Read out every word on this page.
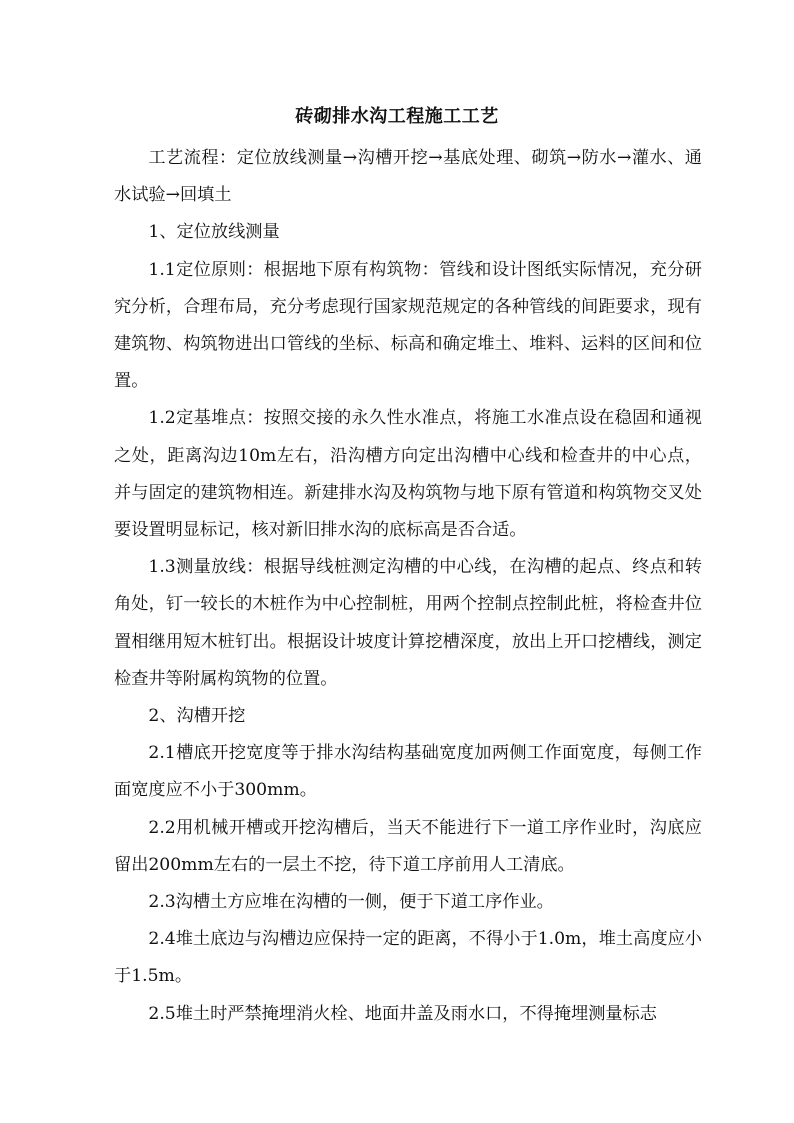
砖砌排水沟工程施工工艺

工艺流程：定位放线测量→沟槽开挖→基底处理、砌筑→防水→灌水、通水试验→回填土

1、定位放线测量

1.1定位原则：根据地下原有构筑物：管线和设计图纸实际情况，充分研究分析，合理布局，充分考虑现行国家规范规定的各种管线的间距要求，现有建筑物、构筑物进出口管线的坐标、标高和确定堆土、堆料、运料的区间和位置。

1.2定基堆点：按照交接的永久性水准点，将施工水准点设在稳固和通视之处，距离沟边10m左右，沿沟槽方向定出沟槽中心线和检查井的中心点，并与固定的建筑物相连。新建排水沟及构筑物与地下原有管道和构筑物交叉处要设置明显标记，核对新旧排水沟的底标高是否合适。

1.3测量放线：根据导线桩测定沟槽的中心线，在沟槽的起点、终点和转角处，钉一较长的木桩作为中心控制桩，用两个控制点控制此桩，将检查井位置相继用短木桩钉出。根据设计坡度计算挖槽深度，放出上开口挖槽线，测定检查井等附属构筑物的位置。

2、沟槽开挖

2.1槽底开挖宽度等于排水沟结构基础宽度加两侧工作面宽度，每侧工作面宽度应不小于300mm。

2.2用机械开槽或开挖沟槽后，当天不能进行下一道工序作业时，沟底应留出200mm左右的一层土不挖，待下道工序前用人工清底。

2.3沟槽土方应堆在沟槽的一侧，便于下道工序作业。

2.4堆土底边与沟槽边应保持一定的距离，不得小于1.0m，堆土高度应小于1.5m。

2.5堆土时严禁掩埋消火栓、地面井盖及雨水口，不得掩埋测量标志
